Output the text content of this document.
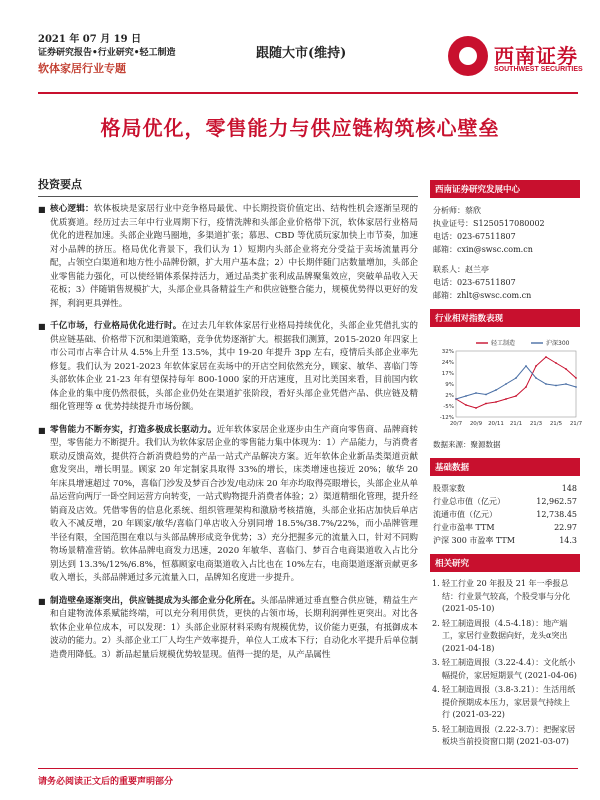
2021 年 07 月 19 日
证券研究报告•行业研究•轻工制造
软体家居行业专题
跟随大市(维持)	西南证券
SOUTHWEST SECURITIES
格局优化，零售能力与供应链构筑核心壁垒
投资要点
■ 核心逻辑：软体板块是家居行业中竞争格局最优、中长期投资价值定出、结构性机会逐渐呈现的优质赛道。经历过去三年中行业周期下行，疫情洗牌和头部企业价格带下沉，软体家居行业格局优化的进程加速。头部企业跑马圈地，多渠道扩张；慕思、CBD 等优质玩家加快上市节奏，加速对小品牌的挤压。格局优化背景下，我们认为 1）短期内头部企业将充分受益于卖场流量再分配，占领空白渠道和地方性小品牌份额，扩大用户基本盘；2）中长期伴随门店数量增加，头部企业零售能力强化，可以使经销体系保持活力，通过品类扩张利成品牌聚集效应，突破单品收入天花板；3）伴随销售规模扩大，头部企业具备精益生产和供应链整合能力，规模优势得以更好的发挥，利润更具弹性。
■ 千亿市场，行业格局优化进行时。在过去几年软体家居行业格局持续优化，头部企业凭借扎实的供应链基础、价格带下沉和渠道策略，竞争优势逐渐扩大。根据我们测算，2015-2020 年四家上市公司市占率合计从 4.5%上升至 13.5%，其中 19-20 年提升 3pp 左右，疫情后头部企业率先修复。我们认为 2021-2023 年软体家居在卖场中的开店空间依然充分，顾家、敏华、喜临门等头部软体企业 21-23 年有望保持每年 800-1000 家的开店速度，且对比美国来看，目前国内软体企业的集中度仍然很低，头部企业仍处在渠道扩张阶段，看好头部企业凭借产品、供应链及精细化管理等 α 优势持续提升市场份额。
■ 零售能力不断夯实，打造多极成长驱动力。近年软体家居企业逐步由生产商向零售商、品牌商转型，零售能力不断提升。我们认为软体家居企业的零售能力集中体现为：1）产品能力，与消费者联动反馈高效，提供符合新消费趋势的产品一站式产品解决方案。近年软体企业新品类渠道贡献愈发突出，增长明显。顾家 20 年定制家具取得 33%的增长，床类增速也接近 20%；敏华 20 年床具增速超过 70%，喜临门沙发及梦百合沙发/电动床 20 年亦均取得亮眼增长，头部企业从单品运营向两厅一卧空间运营方向转变，一站式购物提升消费者体验；2）渠道精细化管理，提升经销商及店效。凭借零售的信息化系统、组织管理架构和激励考核措施，头部企业拓店加快后单店收入不减反增，20 年顾家/敏华/喜临门单店收入分别同增 18.5%/38.7%/22%，而小品牌管理半径有限，全国范围在难以与头部品牌形成竞争优势；3）充分把握多元的流量入口，针对不同购物场景精准营销。软体品牌电商发力迅速，2020 年敏华、喜临门、梦百合电商渠道收入占比分别达到 13.3%/12%/6.8%，恒慕顾家电商渠道收入占比也在 10%左右，电商渠道逐渐贡献更多收入增长，头部品牌通过多元流量入口，品牌知名度进一步提升。
■ 制造壁垒逐渐突出，供应链提成为头部企业分化所在。头部品牌通过垂直整合供应链，精益生产和自建物流体系赋能终端，可以充分利用供货，更快的占领市场，长期利润弹性更突出。对比各软体企业单位成本，可以发现：1）头部企业原材料采购有规模优势，议价能力更强，有抵御成本波动的能力。2）头部企业工厂人均生产效率提升，单位人工成本下行；自动化水平提升后单位制造费用降低。3）新品起量后规模优势较显现。值得一提的是，从产品属性
西南证券研究发展中心
分析师：蔡欣
执业证号：S1250517080002
电话：023-67511807
邮箱：cxin@swsc.com.cn
联系人：赵兰亭
电话：023-67511807
邮箱：zhlt@swsc.com.cn
行业相对指数表现
32%
24%
17%
9%
2%
-5%
-12%
20/7 20/9 20/11 21/1 21/3 21/5 21/7
轻工制造	沪深300
数据来源：聚源数据
基础数据
股票家数	148
行业总市值（亿元）	12,962.57
流通市值（亿元）	12,738.45
行业市盈率 TTM	22.97
沪深 300 市盈率 TTM	14.3
相关研究
1. 轻工行业 20 年报及 21 年一季报总结：行业景气较高，个股受事与分化 (2021-05-10)
2. 轻工制造周报（4.5-4.18）：地产端工，家居行业数据向好，龙头α突出 (2021-04-18)
3. 轻工制造周报（3.22-4.4）：文化纸小幅提价，家居短期景气 (2021-04-06)
4. 轻工制造周报（3.8-3.21）：生活用纸提价预期成本压力，家居景气持续上行 (2021-03-22)
5. 轻工制造周报（2.22-3.7）：把握家居板块当前投资窗口期 (2021-03-07)
请务必阅读正文后的重要声明部分
